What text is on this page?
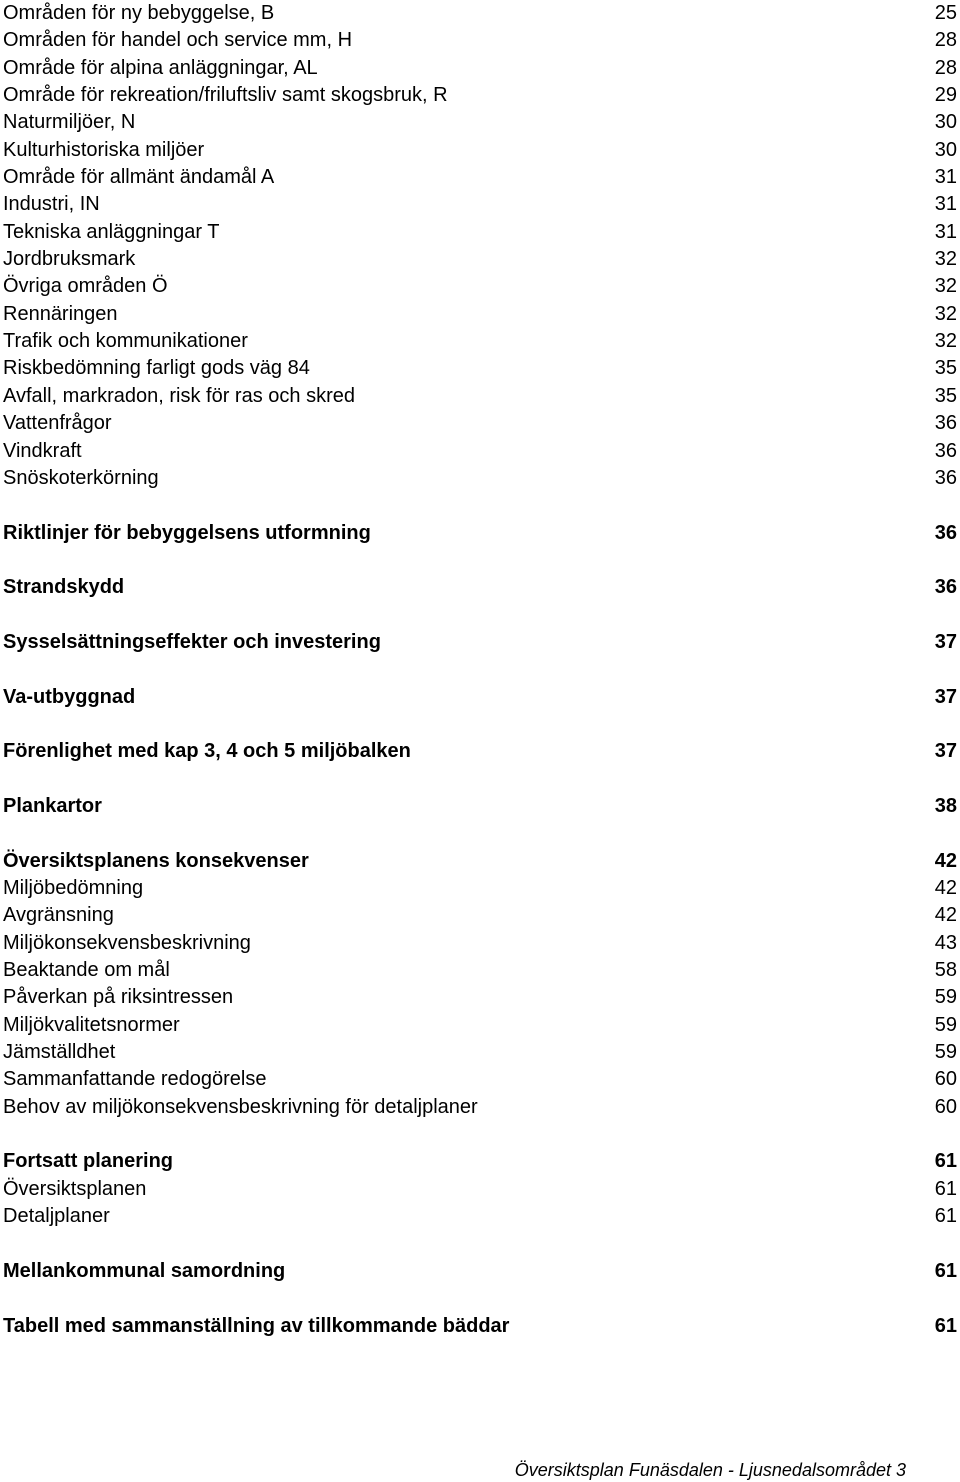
Områden för ny bebyggelse, B	25
Områden för handel och service mm, H	28
Område för alpina anläggningar, AL	28
Område för rekreation/friluftsliv samt skogsbruk, R	29
Naturmiljöer, N	30
Kulturhistoriska miljöer	30
Område för allmänt ändamål A	31
Industri, IN	31
Tekniska anläggningar T	31
Jordbruksmark	32
Övriga områden Ö	32
Rennäringen	32
Trafik och kommunikationer	32
Riskbedömning farligt gods väg 84	35
Avfall, markradon, risk för ras och skred	35
Vattenfrågor	36
Vindkraft	36
Snöskoterkörning	36
Riktlinjer för bebyggelsens utformning	36
Strandskydd	36
Sysselsättningseffekter och investering	37
Va-utbyggnad	37
Förenlighet med kap 3, 4 och 5 miljöbalken	37
Plankartor	38
Översiktsplanens konsekvenser	42
Miljöbedömning	42
Avgränsning	42
Miljökonsekvensbeskrivning	43
Beaktande om mål	58
Påverkan på riksintressen	59
Miljökvalitetsnormer	59
Jämställdhet	59
Sammanfattande redogörelse	60
Behov av miljökonsekvensbeskrivning för detaljplaner	60
Fortsatt planering	61
Översiktsplanen	61
Detaljplaner	61
Mellankommunal samordning	61
Tabell med sammanställning av tillkommande bäddar	61
Översiktsplan Funäsdalen - Ljusnedalsområdet 3
